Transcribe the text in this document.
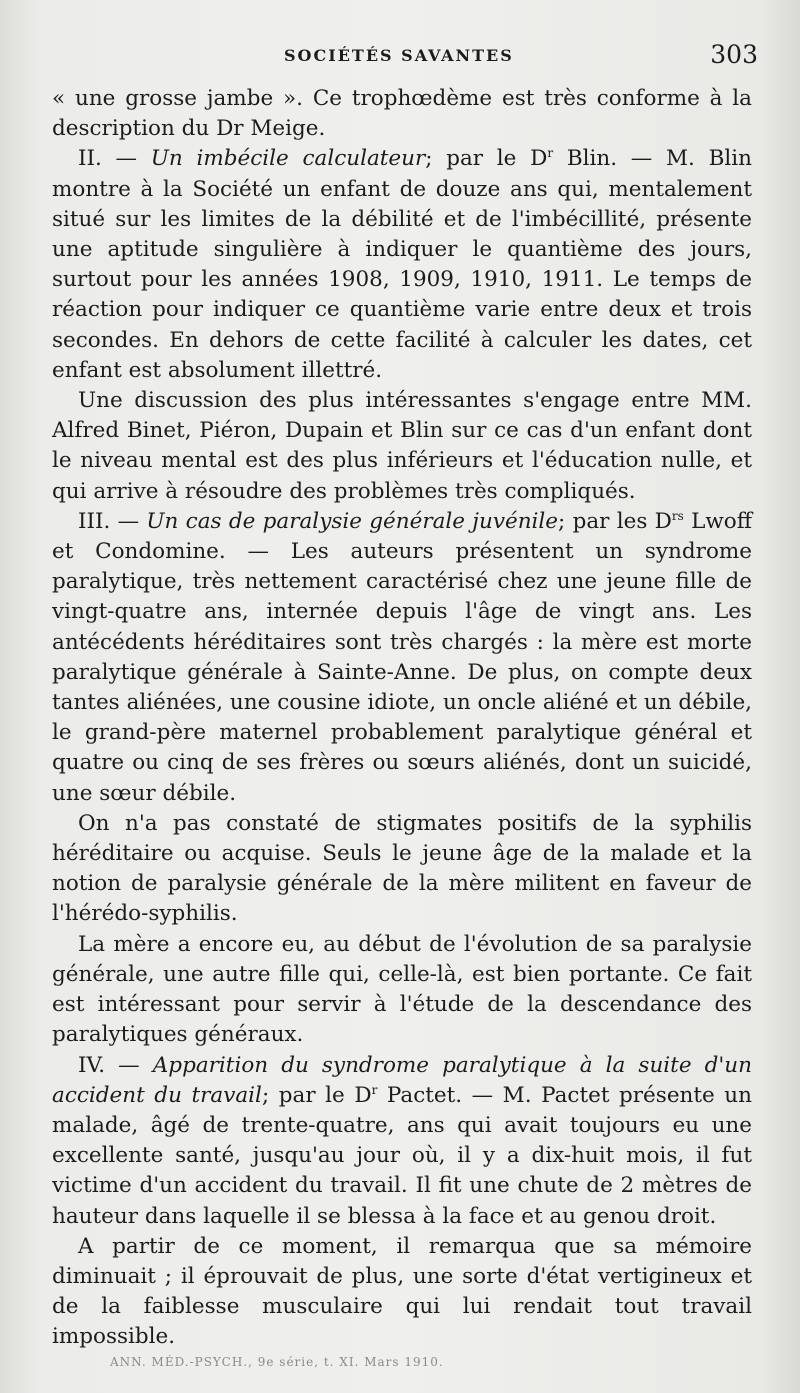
SOCIÉTÉS SAVANTES	303

« une grosse jambe ». Ce trophœdème est très conforme à la description du Dr Meige.

II. — Un imbécile calculateur; par le $D^r$ Blin. — M. Blin montre à la Société un enfant de douze ans qui, mentalement situé sur les limites de la débilité et de l'imbécillité, présente une aptitude singulière à indiquer le quantième des jours, surtout pour les années 1908, 1909, 1910, 1911. Le temps de réaction pour indiquer ce quantième varie entre deux et trois secondes. En dehors de cette facilité à calculer les dates, cet enfant est absolument illettré.

Une discussion des plus intéressantes s'engage entre MM. Alfred Binet, Piéron, Dupain et Blin sur ce cas d'un enfant dont le niveau mental est des plus inférieurs et l'éducation nulle, et qui arrive à résoudre des problèmes très compliqués.

III. — Un cas de paralysie générale juvénile; par les $D^{rs}$ Lwoff et Condomine. — Les auteurs présentent un syndrome paralytique, très nettement caractérisé chez une jeune fille de vingt-quatre ans, internée depuis l'âge de vingt ans. Les antécédents héréditaires sont très chargés : la mère est morte paralytique générale à Sainte-Anne. De plus, on compte deux tantes aliénées, une cousine idiote, un oncle aliéné et un débile, le grand-père maternel probablement paralytique général et quatre ou cinq de ses frères ou sœurs aliénés, dont un suicidé, une sœur débile.

On n'a pas constaté de stigmates positifs de la syphilis héréditaire ou acquise. Seuls le jeune âge de la malade et la notion de paralysie générale de la mère militent en faveur de l'hérédo-syphilis.

La mère a encore eu, au début de l'évolution de sa paralysie générale, une autre fille qui, celle-là, est bien portante. Ce fait est intéressant pour servir à l'étude de la descendance des paralytiques généraux.

IV. — Apparition du syndrome paralytique à la suite d'un accident du travail; par le $D^r$ Pactet. — M. Pactet présente un malade, âgé de trente-quatre, ans qui avait toujours eu une excellente santé, jusqu'au jour où, il y a dix-huit mois, il fut victime d'un accident du travail. Il fit une chute de 2 mètres de hauteur dans laquelle il se blessa à la face et au genou droit.

A partir de ce moment, il remarqua que sa mémoire diminuait ; il éprouvait de plus, une sorte d'état vertigineux et de la faiblesse musculaire qui lui rendait tout travail impossible.

ANN. MÉD.-PSYCH., 9e série, t. XI. Mars 1910.
